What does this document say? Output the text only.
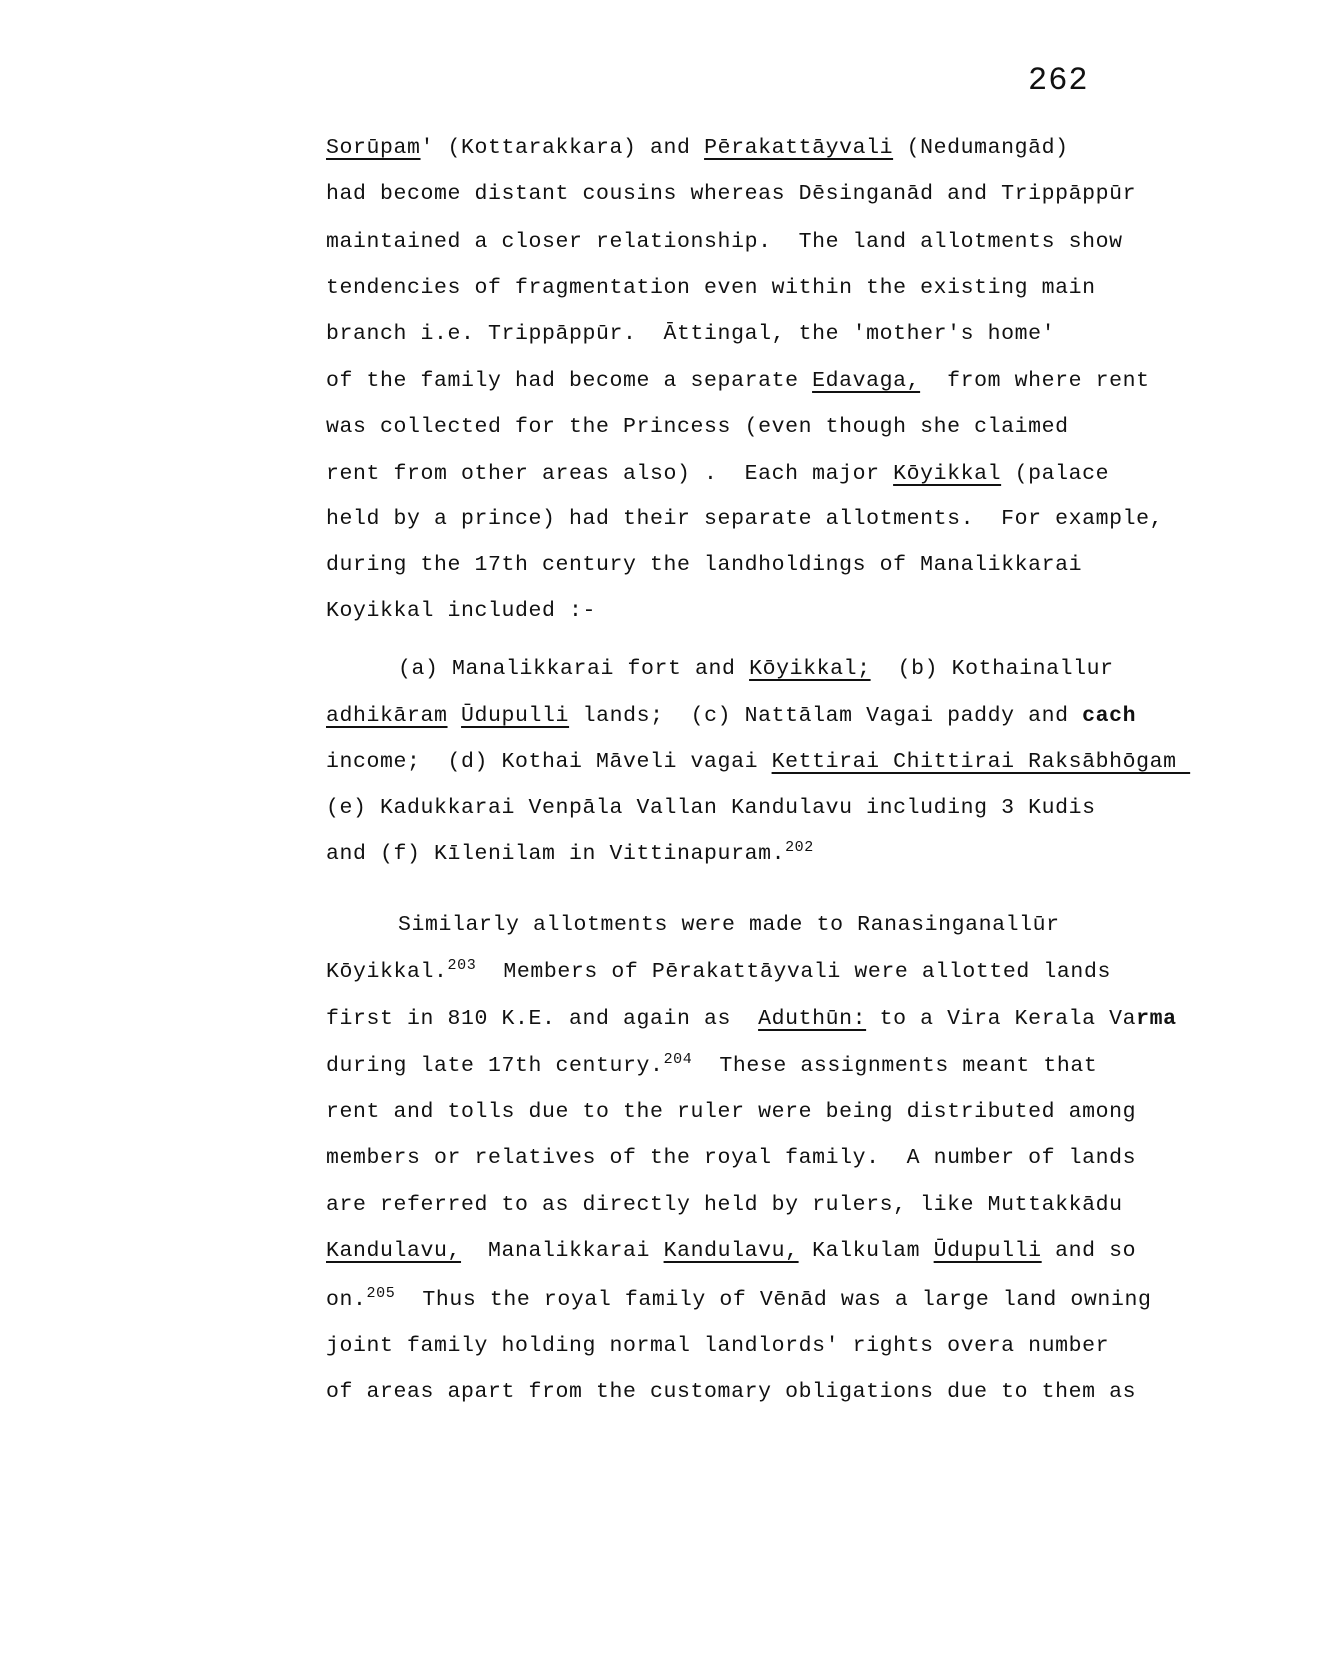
262
Sorūpam' (Kottarakkara) and Pērakattāyvali (Nedumangād)
had become distant cousins whereas Dēsinganād and Trippāppūr
maintained a closer relationship.  The land allotments show
tendencies of fragmentation even within the existing main
branch i.e. Trippāppūr.  Āttingal, the 'mother's home'
of the family had become a separate Edavaga,  from where rent
was collected for the Princess (even though she claimed
rent from other areas also) .  Each major Kōyikkal (palace
held by a prince) had their separate allotments.  For example,
during the 17th century the landholdings of Manalikkarai
Koyikkal included :-
(a) Manalikkarai fort and Kōyikkal;  (b) Kothainallur
adhikāram Ūdupulli lands;  (c) Nattālam Vagai paddy and cach
income;  (d) Kothai Māveli vagai Kettirai Chittirai Raksābhōgam
(e) Kadukkarai Venpāla Vallan Kandulavu including 3 Kudis
and (f) Kīlenilam in Vittinapuram.$^{202}$
Similarly allotments were made to Ranasinganallūr
Kōyikkal.$^{203}$  Members of Pērakattāyvali were allotted lands
first in 810 K.E. and again as  Aduthūn: to a Vira Kerala Varma
during late 17th century.$^{204}$  These assignments meant that
rent and tolls due to the ruler were being distributed among
members or relatives of the royal family.  A number of lands
are referred to as directly held by rulers, like Muttakkādu
Kandulavu,  Manalikkarai Kandulavu, Kalkulam Ūdupulli and so
on.$^{205}$  Thus the royal family of Vēnād was a large land owning
joint family holding normal landlords' rights overa number
of areas apart from the customary obligations due to them as
